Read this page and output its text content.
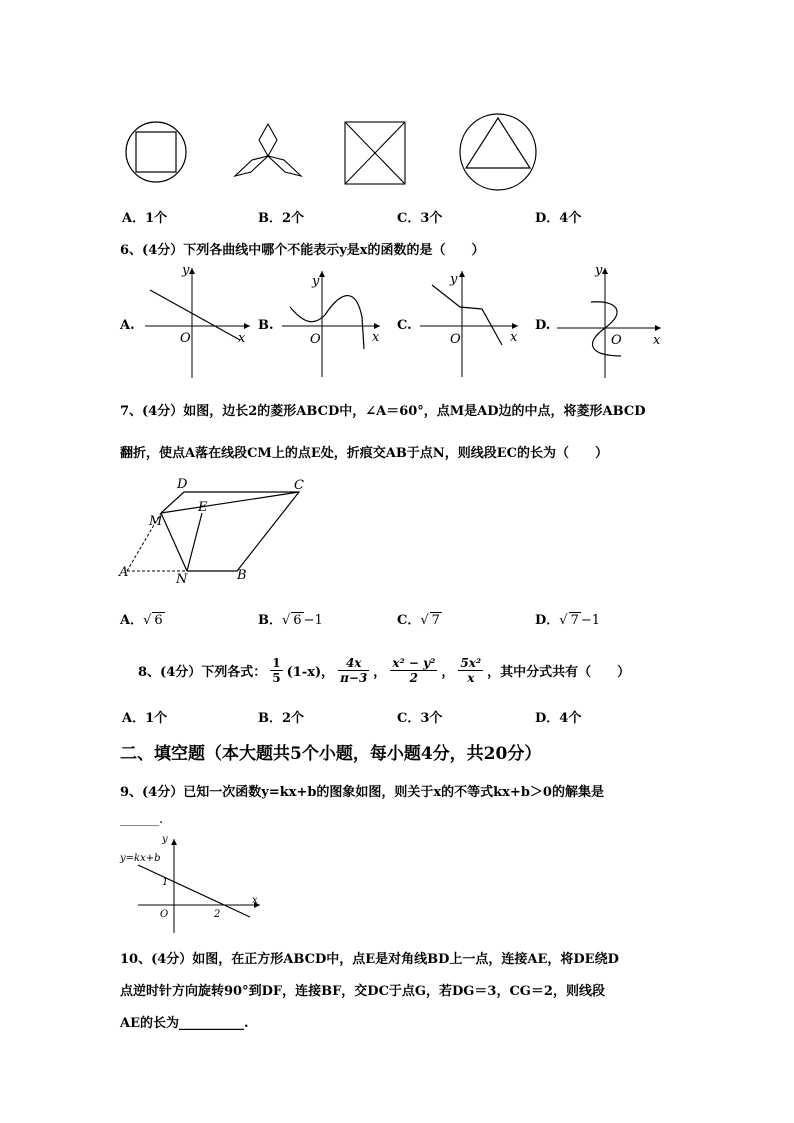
A．1个	B．2个	C．3个	D．4个
6、(4分）下列各曲线中哪个不能表示y是x的函数的是（　　）
A.	B.	C.	D.
y
x
O
y
x
O
y
x
O
y
x
O
7、(4分）如图，边长2的菱形ABCD中，∠A＝60°，点M是AD边的中点，将菱形ABCD
翻折，使点A落在线段CM上的点E处，折痕交AB于点N，则线段EC的长为（　　）
D	C
E
M
A	N	B
A．√ 6	B．√ 6 −1	C．√ 7	D．√ 7 −1
8、(4分）下列各式： $\frac{1}{5} (1-x)$， $\frac{4x}{\pi-3}$ ， $\frac{\text{x² − y²}}{2}$ ， $\frac{\text{5x²}}{x}$ ，其中分式共有（　　）
A．1个	B．2个	C．3个	D．4个
二、填空题（本大题共5个小题，每小题4分，共20分）
9、(4分）已知一次函数y=kx+b的图象如图，则关于x的不等式kx+b＞0的解集是
______.
y=kx+b
y
x
O
1
2
10、(4分）如图，在正方形ABCD中，点E是对角线BD上一点，连接AE，将DE绕D
点逆时针方向旋转90°到DF，连接BF，交DC于点G，若DG＝3，CG＝2，则线段
AE的长为__________.
